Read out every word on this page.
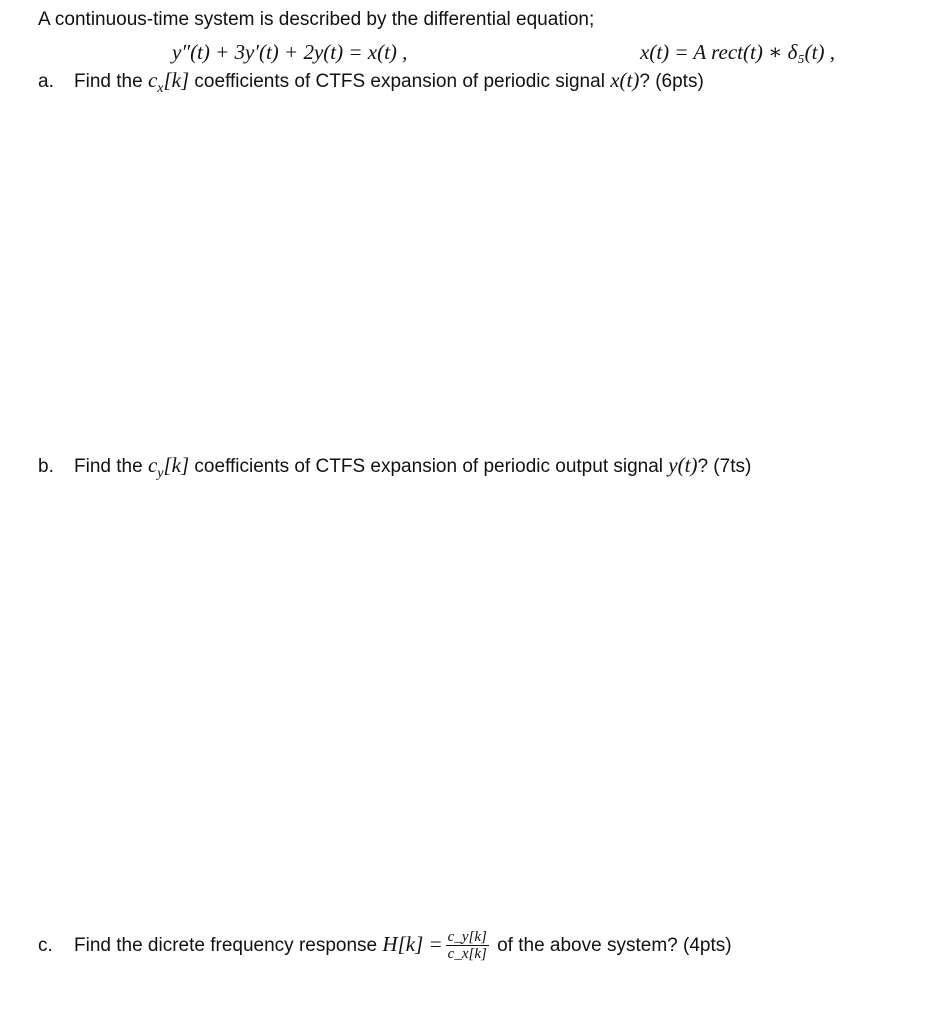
A continuous-time system is described by the differential equation;
y″(t) + 3y′(t) + 2y(t) = x(t) ,	x(t) = A rect(t) ∗ δ₅(t) ,
a. Find the $c_x[k]$ coefficients of CTFS expansion of periodic signal x(t)? (6pts)
b. Find the $c_y[k]$ coefficients of CTFS expansion of periodic output signal y(t)? (7ts)
c. Find the dicrete frequency response $H[k] = \frac{c\_y[k]}{c\_x[k]}$ of the above system? (4pts)
